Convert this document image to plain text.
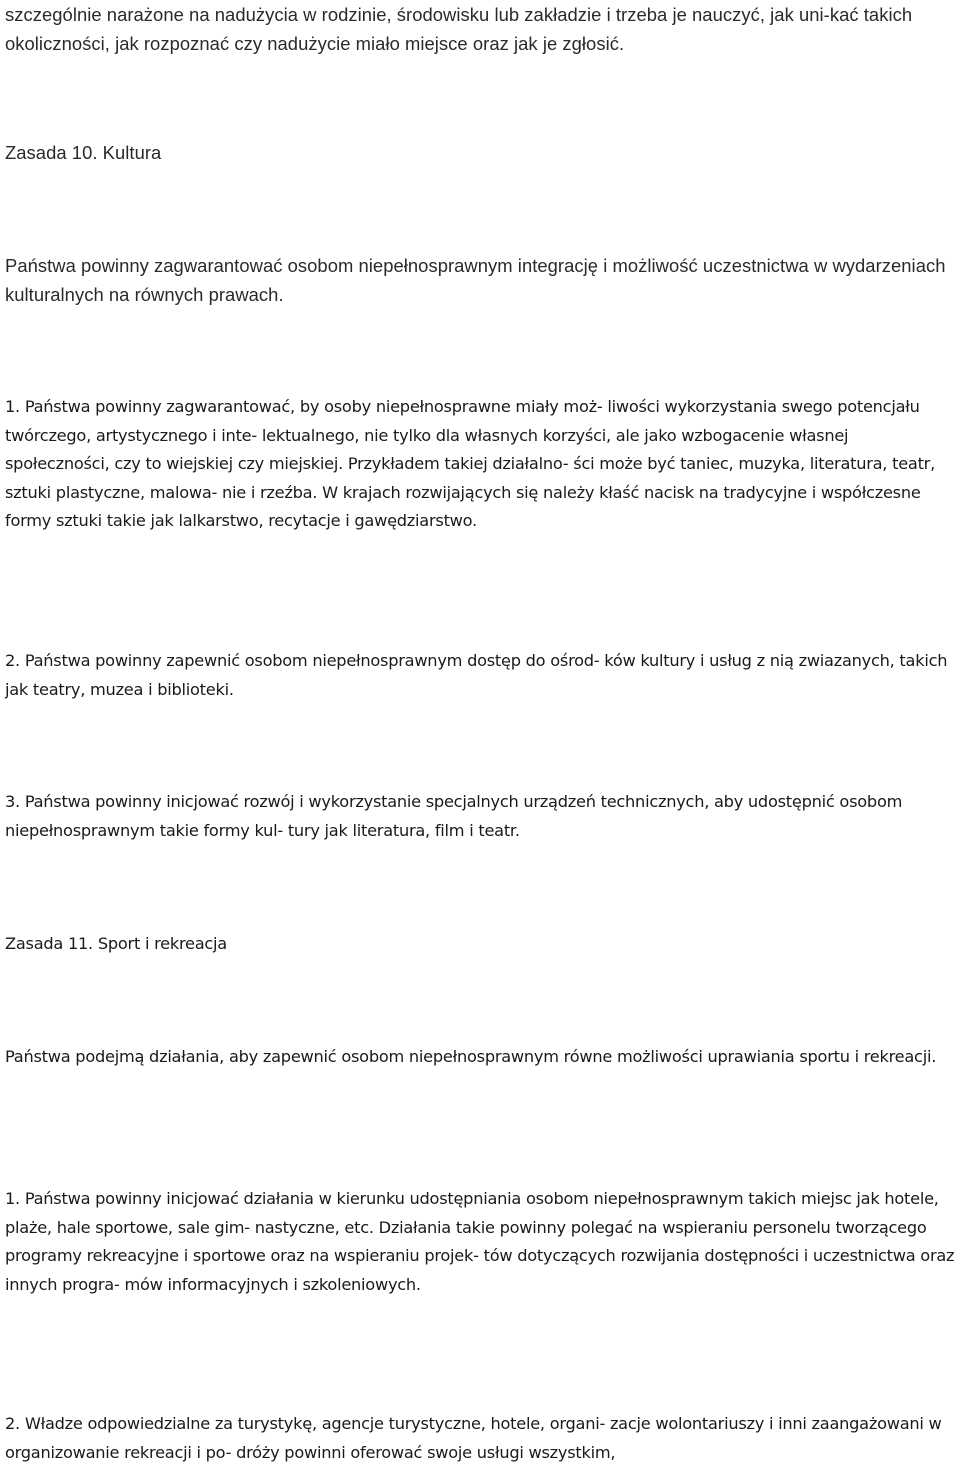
szczególnie narażone na nadużycia w rodzinie, środowisku lub zakładzie i trzeba je nauczyć, jak uni-kać takich okoliczności, jak rozpoznać czy nadużycie miało miejsce oraz jak je zgłosić.

Zasada 10. Kultura

Państwa powinny zagwarantować osobom niepełnosprawnym integrację i możliwość uczestnictwa w wydarzeniach kulturalnych na równych prawach.

1. Państwa powinny zagwarantować, by osoby niepełnosprawne miały moż- liwości wykorzystania swego potencjału twórczego, artystycznego i inte- lektualnego, nie tylko dla własnych korzyści, ale jako wzbogacenie własnej społeczności, czy to wiejskiej czy miejskiej. Przykładem takiej działalno- ści może być taniec, muzyka, literatura, teatr, sztuki plastyczne, malowa- nie i rzeźba. W krajach rozwijających się należy kłaść nacisk na tradycyjne i współczesne formy sztuki takie jak lalkarstwo, recytacje i gawędziarstwo.

2. Państwa powinny zapewnić osobom niepełnosprawnym dostęp do ośrod- ków kultury i usług z nią zwiazanych, takich jak teatry, muzea i biblioteki.

3. Państwa powinny inicjować rozwój i wykorzystanie specjalnych urządzeń technicznych, aby udostępnić osobom niepełnosprawnym takie formy kul- tury jak literatura, film i teatr.

Zasada 11. Sport i rekreacja

Państwa podejmą działania, aby zapewnić osobom niepełnosprawnym równe możliwości uprawiania sportu i rekreacji.

1. Państwa powinny inicjować działania w kierunku udostępniania osobom niepełnosprawnym takich miejsc jak hotele, plaże, hale sportowe, sale gim- nastyczne, etc. Działania takie powinny polegać na wspieraniu personelu tworzącego programy rekreacyjne i sportowe oraz na wspieraniu projek- tów dotyczących rozwijania dostępności i uczestnictwa oraz innych progra- mów informacyjnych i szkoleniowych.

2. Władze odpowiedzialne za turystykę, agencje turystyczne, hotele, organi- zacje wolontariuszy i inni zaangażowani w organizowanie rekreacji i po- dróży powinni oferować swoje usługi wszystkim,
